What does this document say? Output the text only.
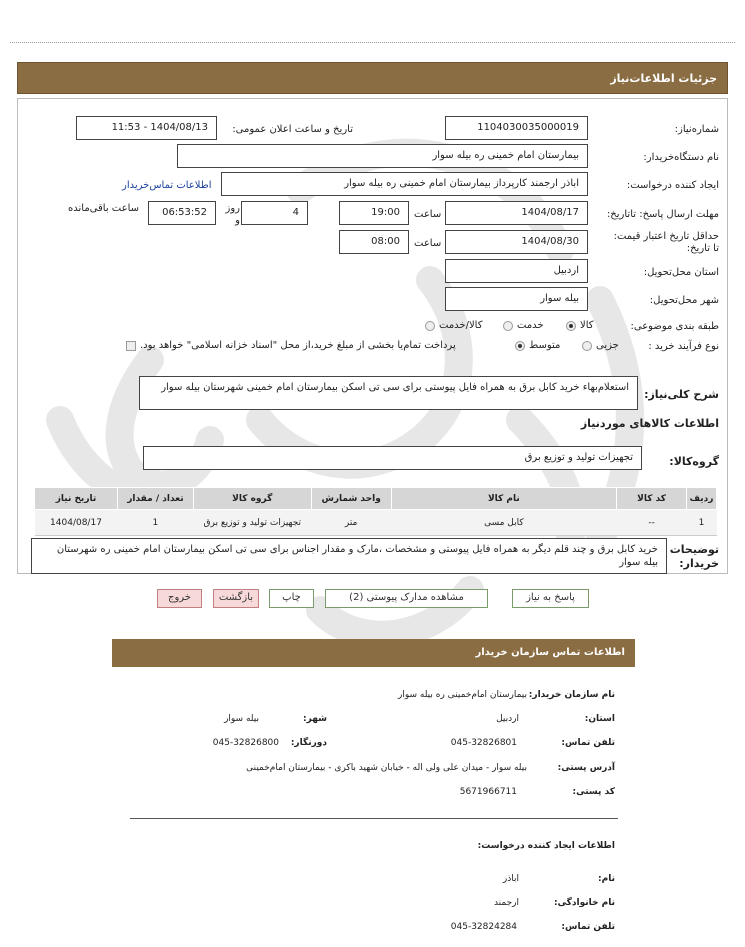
جزئیات اطلاعات‌نیاز
شماره‌نیاز:
1104030035000019
تاریخ و ساعت اعلان عمومی:
1404/08/13 - 11:53
نام دستگاه‌خریدار:
بیمارستان امام خمینی ره بیله سوار
ایجاد کننده درخواست:
اباذر ارجمند کارپرداز بیمارستان امام خمینی ره بیله سوار
اطلاعات تماس‌خریدار
مهلت ارسال پاسخ: تاتاریخ:
1404/08/17
ساعت
19:00
4
روز و
06:53:52
ساعت باقی‌مانده
حداقل تاریخ اعتبار قیمت: تا تاریخ:
1404/08/30
ساعت
08:00
استان محل‌تحویل:
اردبیل
شهر محل‌تحویل:
بیله سوار
طبقه بندی موضوعی:
کالا
خدمت
کالا/خدمت
نوع فرآیند خرید :
جزیی
متوسط
پرداخت تمام‌یا بخشی از مبلغ خرید،از محل "اسناد خزانه اسلامی" خواهد بود.
شرح کلی‌نیاز:
استعلام‌بهاء خرید کابل برق به همراه فایل پیوستی برای سی تی اسکن بیمارستان امام خمینی شهرستان بیله سوار
اطلاعات کالاهای موردنیاز
گروه‌کالا:
تجهیزات تولید و توزیع برق
ردیف	کد کالا	نام کالا	واحد شمارش	گروه کالا	تعداد / مقدار	تاریخ نیاز
1	--	کابل مسی	متر	تجهیزات تولید و توزیع برق	1	1404/08/17
توضیحات خریدار:
خرید کابل برق و چند قلم دیگر به همراه فایل پیوستی و مشخصات ،مارک و مقدار اجناس برای سی تی اسکن بیمارستان امام خمینی ره شهرستان بیله سوار
پاسخ به نیاز
مشاهده مدارک پیوستی (2)
چاپ
بازگشت
خروج
اطلاعات تماس سازمان خریدار
نام سازمان خریدار:
بیمارستان امام‌خمینی ره بیله سوار
استان:
اردبیل
شهر:
بیله سوار
تلفن تماس:
045-32826801
دورنگار:
045-32826800
آدرس پستی:
بیله سوار - میدان علی ولی اله - خیابان شهید باکری - بیمارستان امام‌خمینی
کد پستی:
5671966711
اطلاعات ایجاد کننده درخواست:
نام:
اباذر
نام خانوادگی:
ارجمند
تلفن تماس:
045-32824284
